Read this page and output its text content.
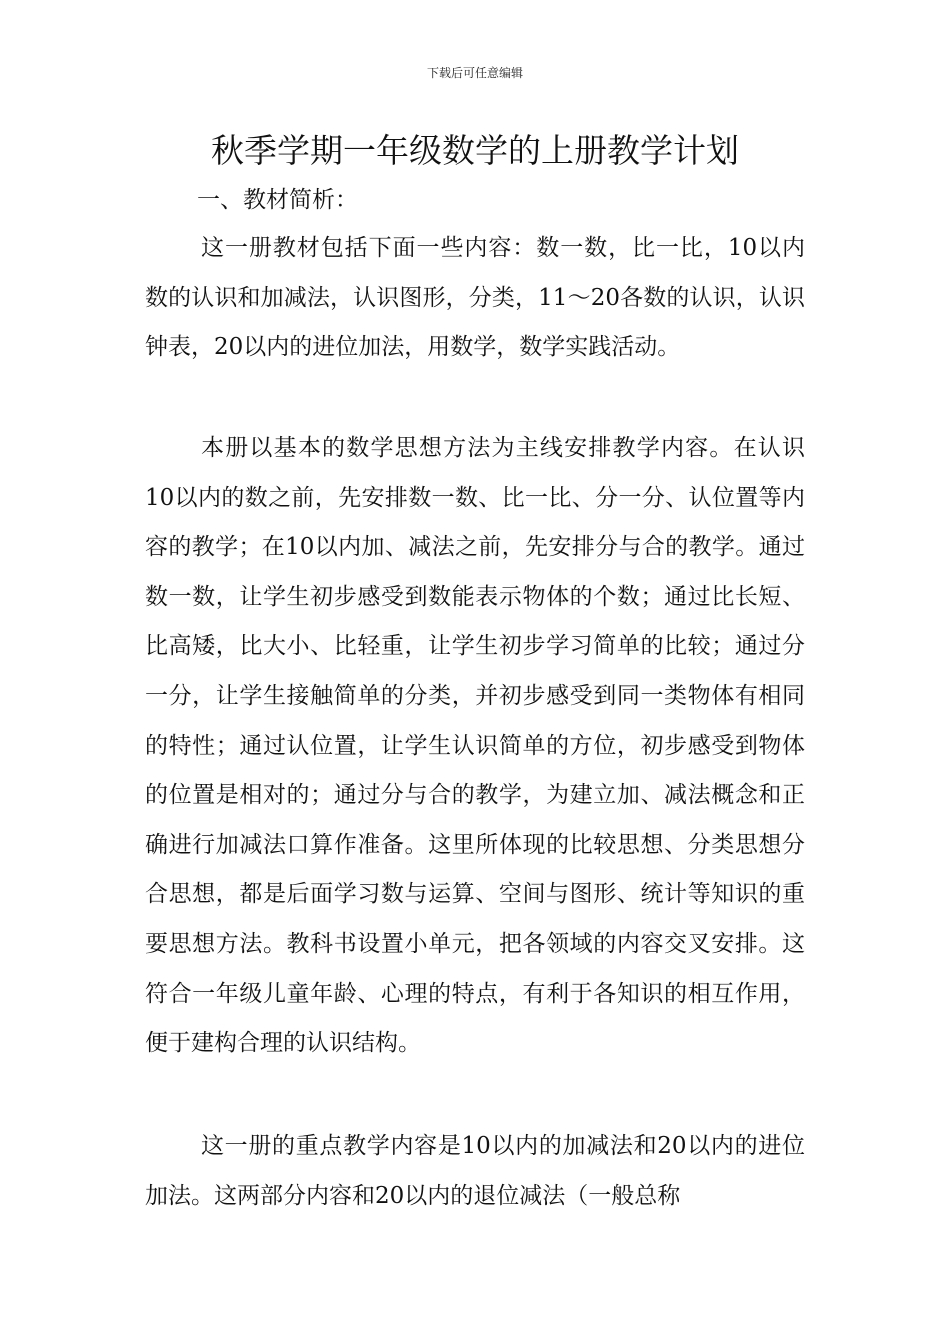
下载后可任意编辑
秋季学期一年级数学的上册教学计划
一、教材简析：

这一册教材包括下面一些内容：数一数，比一比，10以内数的认识和加减法，认识图形，分类，11～20各数的认识，认识钟表，20以内的进位加法，用数学，数学实践活动。

本册以基本的数学思想方法为主线安排教学内容。在认识10以内的数之前，先安排数一数、比一比、分一分、认位置等内容的教学；在10以内加、减法之前，先安排分与合的教学。通过数一数，让学生初步感受到数能表示物体的个数；通过比长短、比高矮，比大小、比轻重，让学生初步学习简单的比较；通过分一分，让学生接触简单的分类，并初步感受到同一类物体有相同的特性；通过认位置，让学生认识简单的方位，初步感受到物体的位置是相对的；通过分与合的教学，为建立加、减法概念和正确进行加减法口算作准备。这里所体现的比较思想、分类思想分合思想，都是后面学习数与运算、空间与图形、统计等知识的重要思想方法。教科书设置小单元，把各领域的内容交叉安排。这符合一年级儿童年龄、心理的特点，有利于各知识的相互作用，便于建构合理的认识结构。

这一册的重点教学内容是10以内的加减法和20以内的进位加法。这两部分内容和20以内的退位减法（一般总称
